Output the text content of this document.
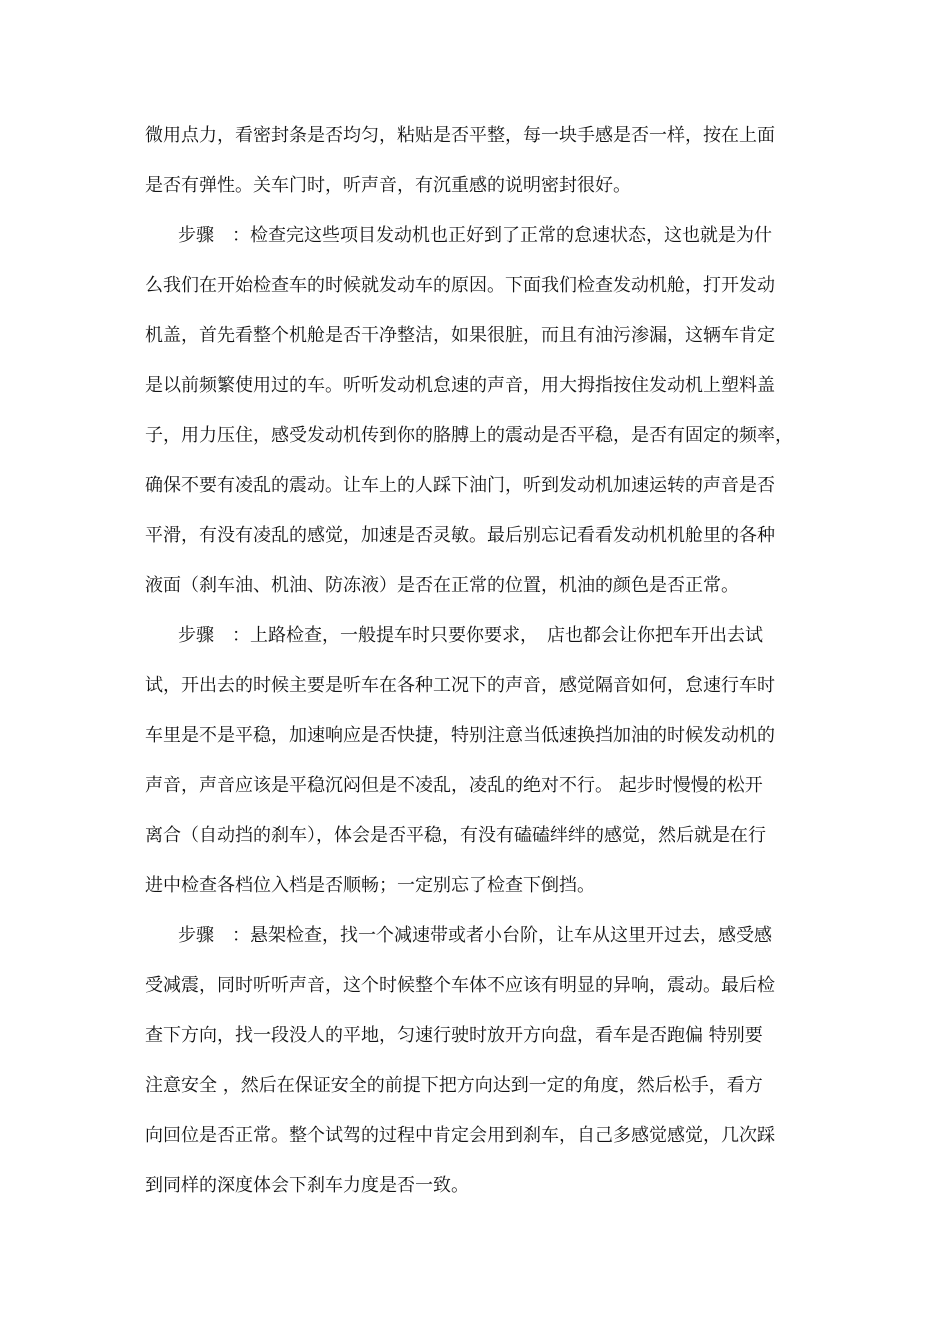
微用点力，看密封条是否均匀，粘贴是否平整，每一块手感是否一样，按在上面
是否有弹性。关车门时，听声音，有沉重感的说明密封很好。
步骤　：检查完这些项目发动机也正好到了正常的怠速状态，这也就是为什
么我们在开始检查车的时候就发动车的原因。下面我们检查发动机舱，打开发动
机盖，首先看整个机舱是否干净整洁，如果很脏，而且有油污渗漏，这辆车肯定
是以前频繁使用过的车。听听发动机怠速的声音，用大拇指按住发动机上塑料盖
子，用力压住，感受发动机传到你的胳膊上的震动是否平稳，是否有固定的频率，
确保不要有凌乱的震动。让车上的人踩下油门，听到发动机加速运转的声音是否
平滑，有没有凌乱的感觉，加速是否灵敏。最后别忘记看看发动机机舱里的各种
液面（刹车油、机油、防冻液）是否在正常的位置，机油的颜色是否正常。
步骤　：上路检查，一般提车时只要你要求，　店也都会让你把车开出去试
试，开出去的时候主要是听车在各种工况下的声音，感觉隔音如何，怠速行车时
车里是不是平稳，加速响应是否快捷，特别注意当低速换挡加油的时候发动机的
声音，声音应该是平稳沉闷但是不凌乱，凌乱的绝对不行。 起步时慢慢的松开
离合（自动挡的刹车），体会是否平稳，有没有磕磕绊绊的感觉，然后就是在行
进中检查各档位入档是否顺畅；一定别忘了检查下倒挡。
步骤　：悬架检查，找一个减速带或者小台阶，让车从这里开过去，感受感
受减震，同时听听声音，这个时候整个车体不应该有明显的异响，震动。最后检
查下方向，找一段没人的平地，匀速行驶时放开方向盘，看车是否跑偏 特别要
注意安全 ，然后在保证安全的前提下把方向达到一定的角度，然后松手，看方
向回位是否正常。整个试驾的过程中肯定会用到刹车，自己多感觉感觉，几次踩
到同样的深度体会下刹车力度是否一致。
